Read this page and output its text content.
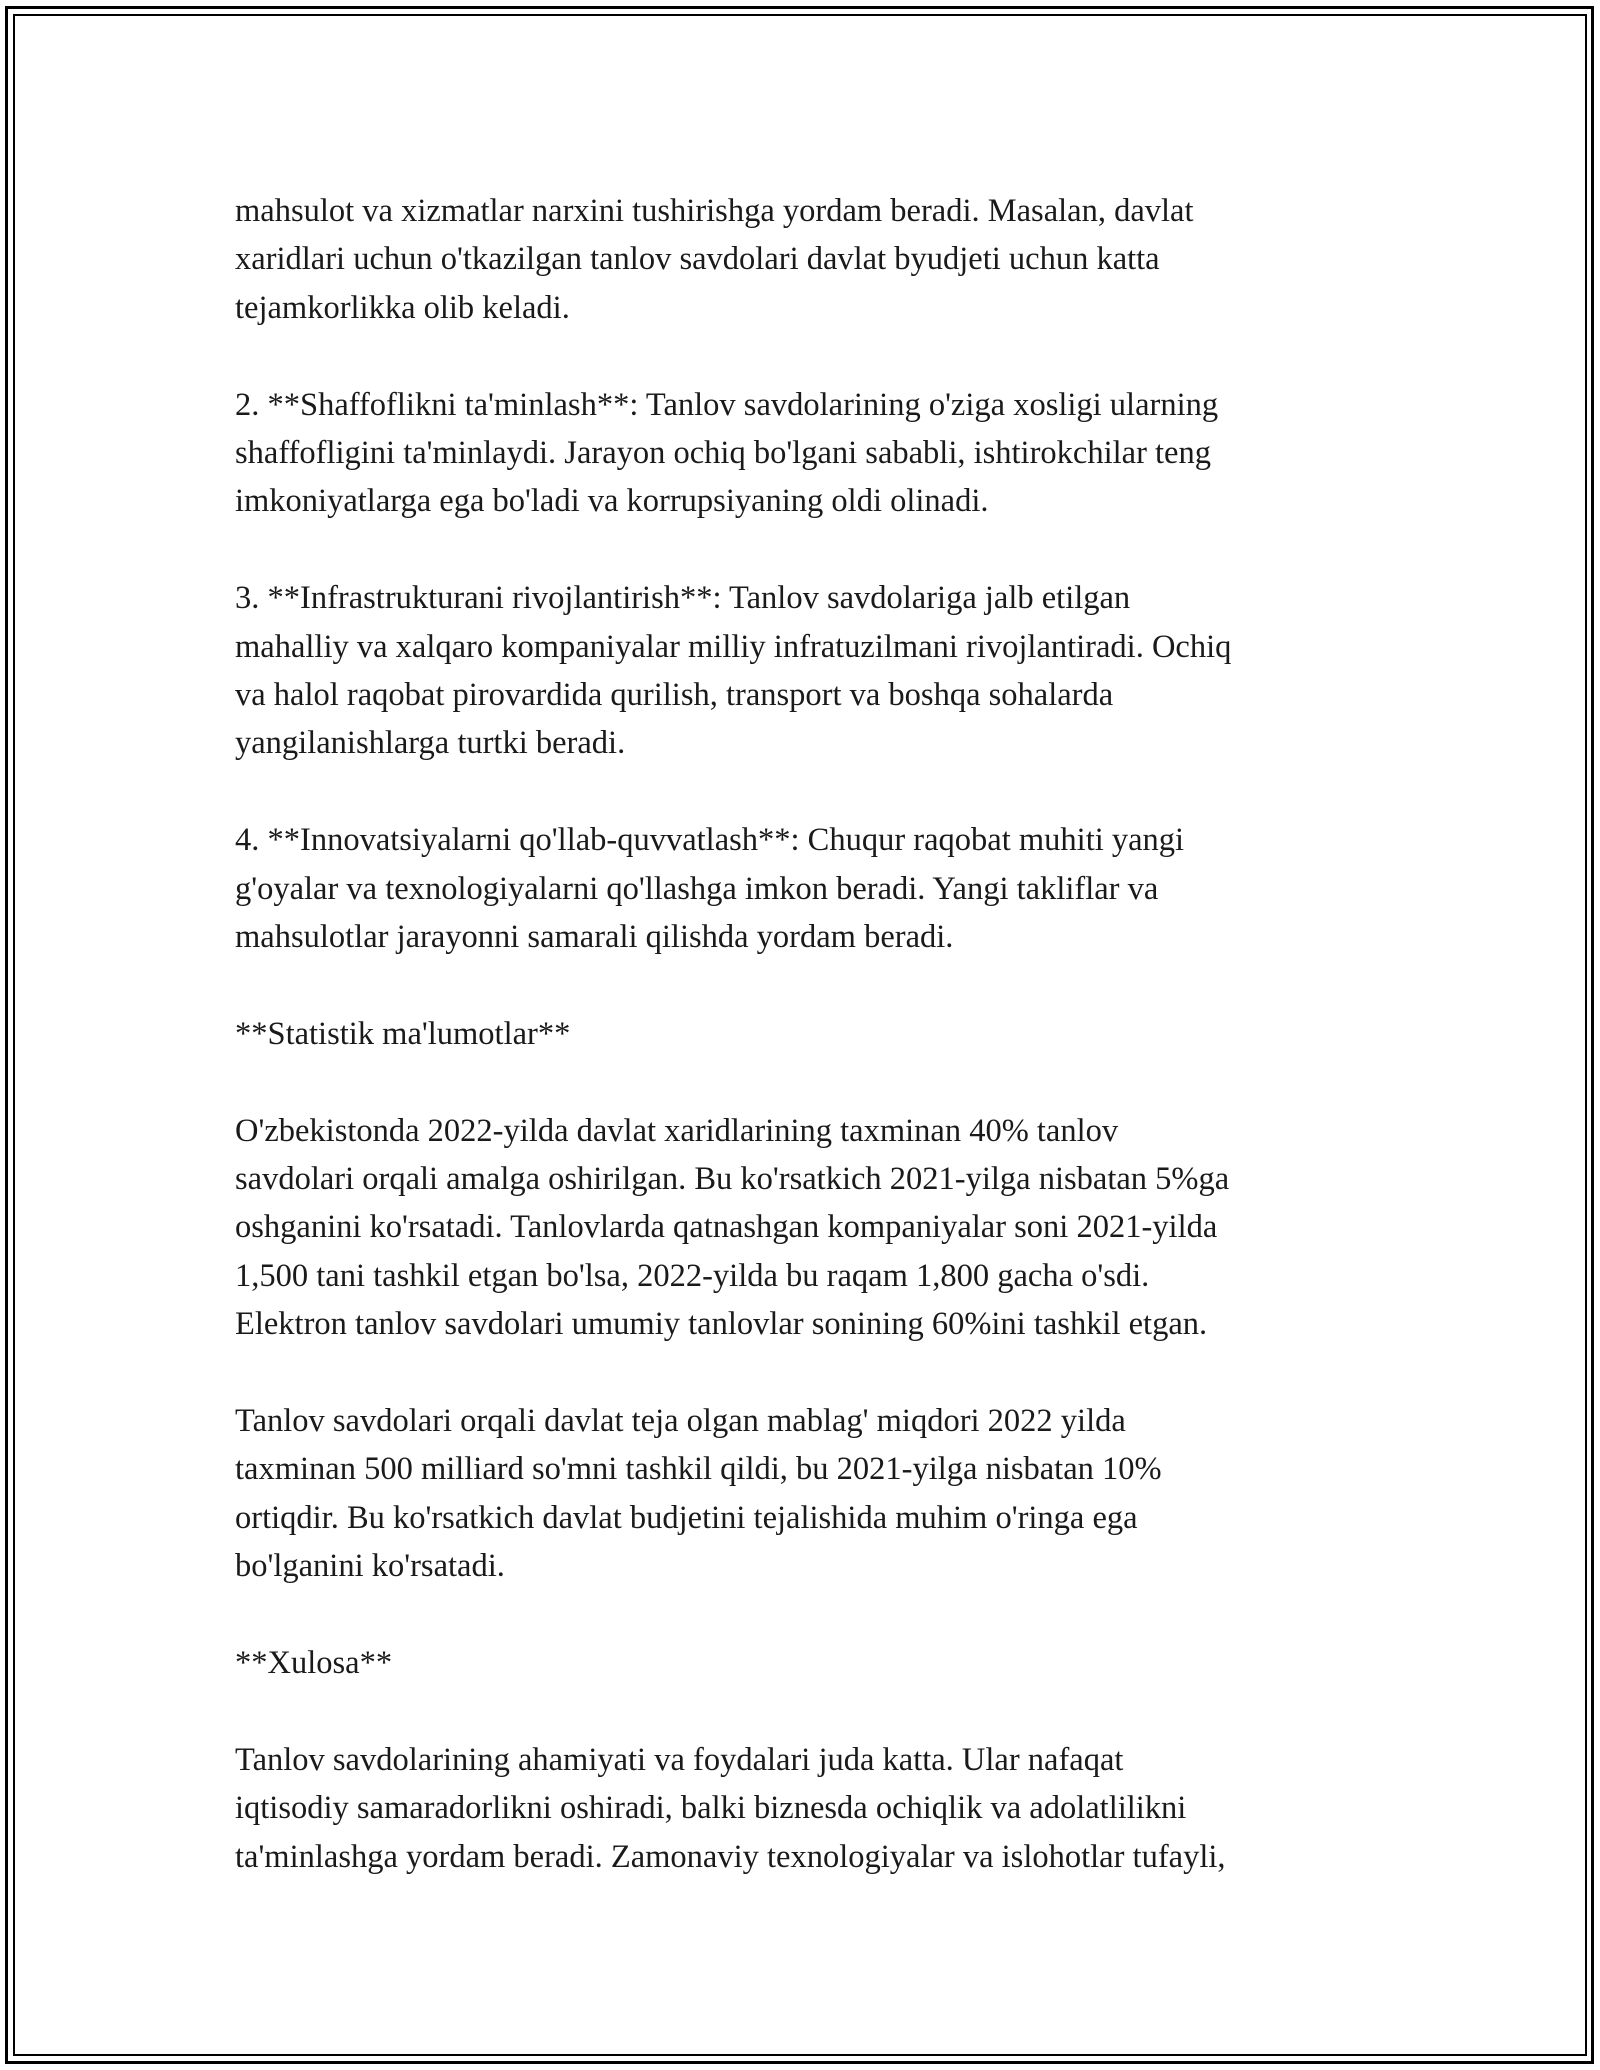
mahsulot va xizmatlar narxini tushirishga yordam beradi. Masalan, davlat
xaridlari uchun o'tkazilgan tanlov savdolari davlat byudjeti uchun katta
tejamkorlikka olib keladi.
2. **Shaffoflikni ta'minlash**: Tanlov savdolarining o'ziga xosligi ularning
shaffofligini ta'minlaydi. Jarayon ochiq bo'lgani sababli, ishtirokchilar teng
imkoniyatlarga ega bo'ladi va korrupsiyaning oldi olinadi.
3. **Infrastrukturani rivojlantirish**: Tanlov savdolariga jalb etilgan
mahalliy va xalqaro kompaniyalar milliy infratuzilmani rivojlantiradi. Ochiq
va halol raqobat pirovardida qurilish, transport va boshqa sohalarda
yangilanishlarga turtki beradi.
4. **Innovatsiyalarni qo'llab-quvvatlash**: Chuqur raqobat muhiti yangi
g'oyalar va texnologiyalarni qo'llashga imkon beradi. Yangi takliflar va
mahsulotlar jarayonni samarali qilishda yordam beradi.
**Statistik ma'lumotlar**
O'zbekistonda 2022-yilda davlat xaridlarining taxminan 40% tanlov
savdolari orqali amalga oshirilgan. Bu ko'rsatkich 2021-yilga nisbatan 5%ga
oshganini ko'rsatadi. Tanlovlarda qatnashgan kompaniyalar soni 2021-yilda
1,500 tani tashkil etgan bo'lsa, 2022-yilda bu raqam 1,800 gacha o'sdi.
Elektron tanlov savdolari umumiy tanlovlar sonining 60%ini tashkil etgan.
Tanlov savdolari orqali davlat teja olgan mablag' miqdori 2022 yilda
taxminan 500 milliard so'mni tashkil qildi, bu 2021-yilga nisbatan 10%
ortiqdir. Bu ko'rsatkich davlat budjetini tejalishida muhim o'ringa ega
bo'lganini ko'rsatadi.
**Xulosa**
Tanlov savdolarining ahamiyati va foydalari juda katta. Ular nafaqat
iqtisodiy samaradorlikni oshiradi, balki biznesda ochiqlik va adolatlilikni
ta'minlashga yordam beradi. Zamonaviy texnologiyalar va islohotlar tufayli,
